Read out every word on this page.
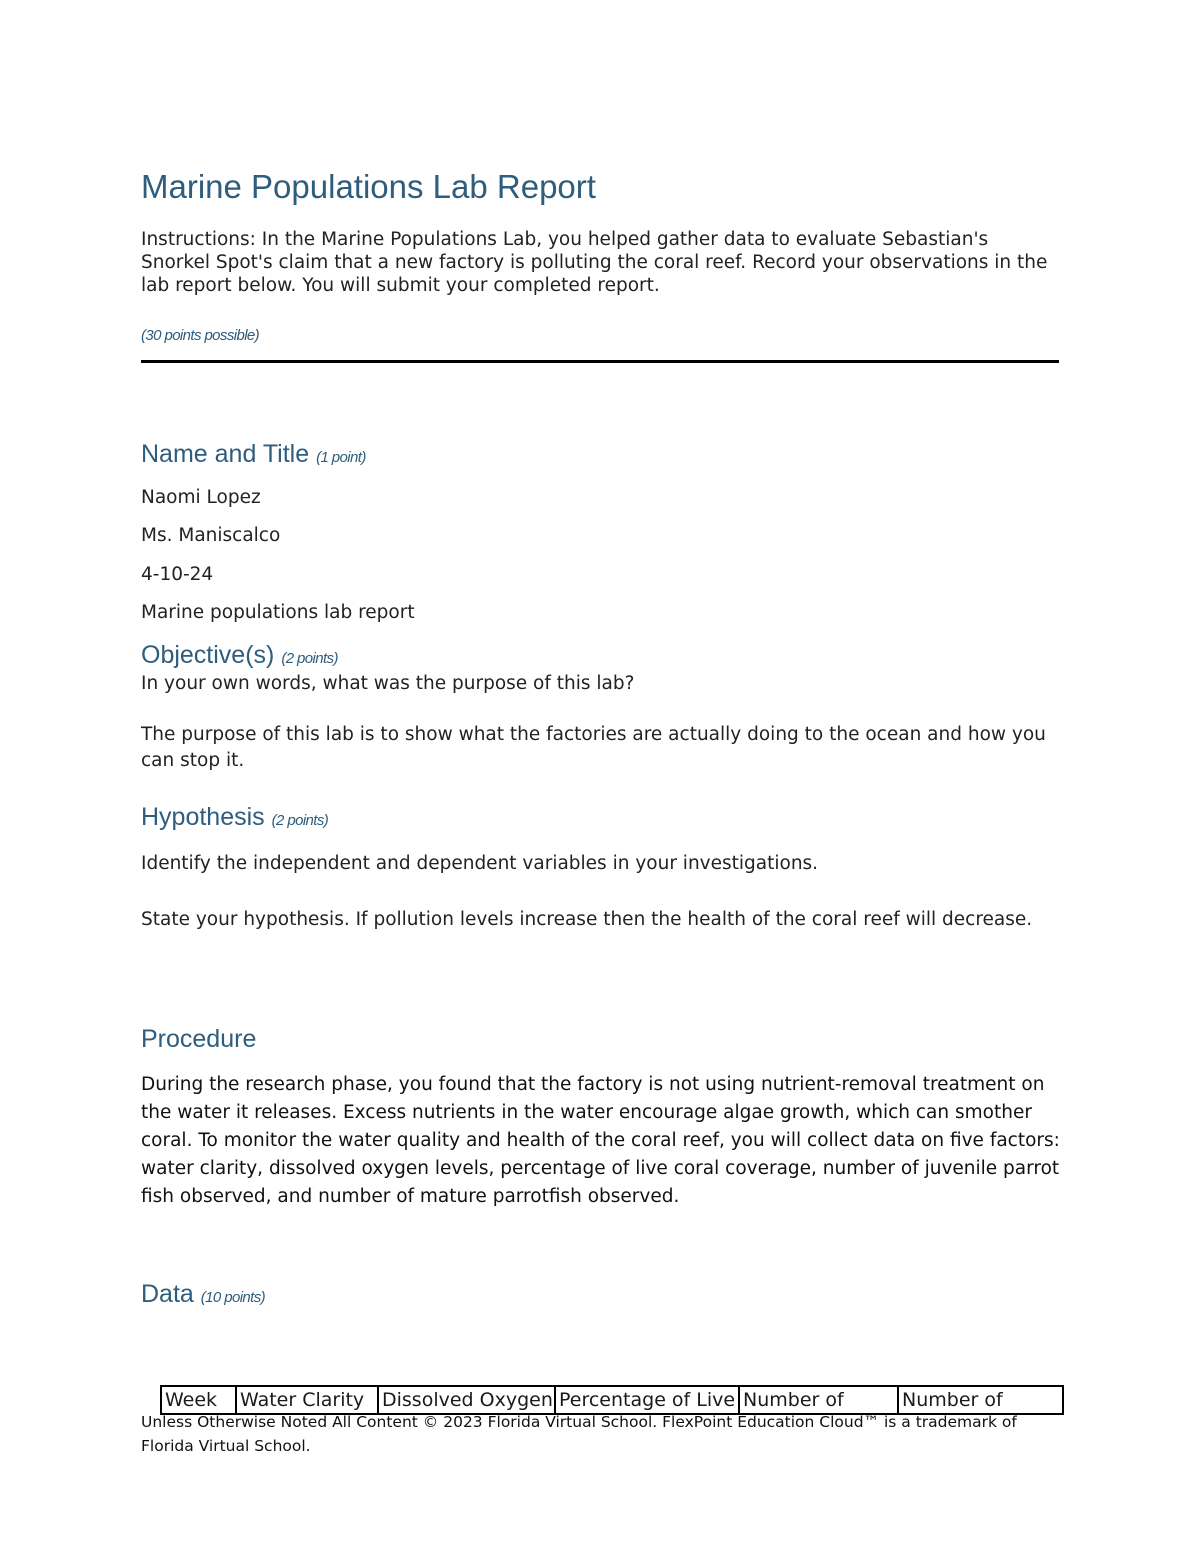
Marine Populations Lab Report
Instructions: In the Marine Populations Lab, you helped gather data to evaluate Sebastian's Snorkel Spot's claim that a new factory is polluting the coral reef. Record your observations in the lab report below. You will submit your completed report.
(30 points possible)
Name and Title (1 point)
Naomi Lopez
Ms. Maniscalco
4-10-24
Marine populations lab report
Objective(s) (2 points)
In your own words, what was the purpose of this lab?
The purpose of this lab is to show what the factories are actually doing to the ocean and how you can stop it.
Hypothesis (2 points)
Identify the independent and dependent variables in your investigations.
State your hypothesis. If pollution levels increase then the health of the coral reef will decrease.
Procedure
During the research phase, you found that the factory is not using nutrient-removal treatment on the water it releases. Excess nutrients in the water encourage algae growth, which can smother coral. To monitor the water quality and health of the coral reef, you will collect data on five factors: water clarity, dissolved oxygen levels, percentage of live coral coverage, number of juvenile parrot fish observed, and number of mature parrotfish observed.
Data (10 points)
Week	Water Clarity	Dissolved Oxygen	Percentage of Live	Number of	Number of
Unless Otherwise Noted All Content © 2023 Florida Virtual School. FlexPoint Education Cloud™ is a trademark of Florida Virtual School.
